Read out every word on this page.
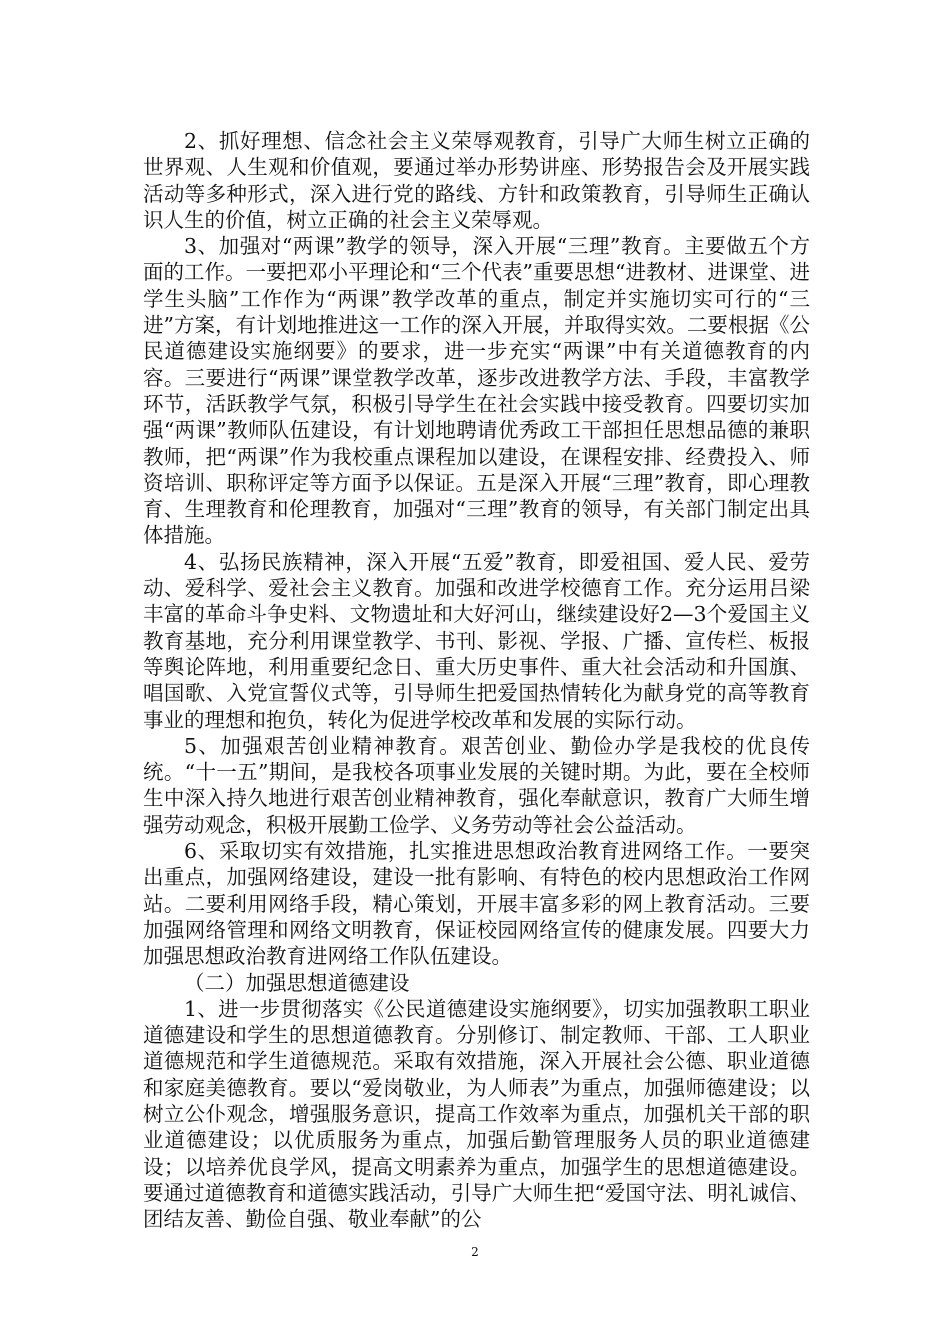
2、抓好理想、信念社会主义荣辱观教育，引导广大师生树立正确的世界观、人生观和价值观，要通过举办形势讲座、形势报告会及开展实践活动等多种形式，深入进行党的路线、方针和政策教育，引导师生正确认识人生的价值，树立正确的社会主义荣辱观。

3、加强对“两课”教学的领导，深入开展“三理”教育。主要做五个方面的工作。一要把邓小平理论和“三个代表”重要思想“进教材、进课堂、进学生头脑”工作作为“两课”教学改革的重点，制定并实施切实可行的“三进”方案，有计划地推进这一工作的深入开展，并取得实效。二要根据《公民道德建设实施纲要》的要求，进一步充实“两课”中有关道德教育的内容。三要进行“两课”课堂教学改革，逐步改进教学方法、手段，丰富教学环节，活跃教学气氛，积极引导学生在社会实践中接受教育。四要切实加强“两课”教师队伍建设，有计划地聘请优秀政工干部担任思想品德的兼职教师，把“两课”作为我校重点课程加以建设，在课程安排、经费投入、师资培训、职称评定等方面予以保证。五是深入开展“三理”教育，即心理教育、生理教育和伦理教育，加强对“三理”教育的领导，有关部门制定出具体措施。

4、弘扬民族精神，深入开展“五爱”教育，即爱祖国、爱人民、爱劳动、爱科学、爱社会主义教育。加强和改进学校德育工作。充分运用吕梁丰富的革命斗争史料、文物遗址和大好河山，继续建设好2—3个爱国主义教育基地，充分利用课堂教学、书刊、影视、学报、广播、宣传栏、板报等舆论阵地，利用重要纪念日、重大历史事件、重大社会活动和升国旗、唱国歌、入党宣誓仪式等，引导师生把爱国热情转化为献身党的高等教育事业的理想和抱负，转化为促进学校改革和发展的实际行动。

5、加强艰苦创业精神教育。艰苦创业、勤俭办学是我校的优良传统。“十一五”期间，是我校各项事业发展的关键时期。为此，要在全校师生中深入持久地进行艰苦创业精神教育，强化奉献意识，教育广大师生增强劳动观念，积极开展勤工俭学、义务劳动等社会公益活动。

6、采取切实有效措施，扎实推进思想政治教育进网络工作。一要突出重点，加强网络建设，建设一批有影响、有特色的校内思想政治工作网站。二要利用网络手段，精心策划，开展丰富多彩的网上教育活动。三要加强网络管理和网络文明教育，保证校园网络宣传的健康发展。四要大力加强思想政治教育进网络工作队伍建设。

（二）加强思想道德建设

1、进一步贯彻落实《公民道德建设实施纲要》，切实加强教职工职业道德建设和学生的思想道德教育。分别修订、制定教师、干部、工人职业道德规范和学生道德规范。采取有效措施，深入开展社会公德、职业道德和家庭美德教育。要以“爱岗敬业，为人师表”为重点，加强师德建设；以树立公仆观念，增强服务意识，提高工作效率为重点，加强机关干部的职业道德建设；以优质服务为重点，加强后勤管理服务人员的职业道德建设；以培养优良学风，提高文明素养为重点，加强学生的思想道德建设。要通过道德教育和道德实践活动，引导广大师生把“爱国守法、明礼诚信、团结友善、勤俭自强、敬业奉献”的公

2
